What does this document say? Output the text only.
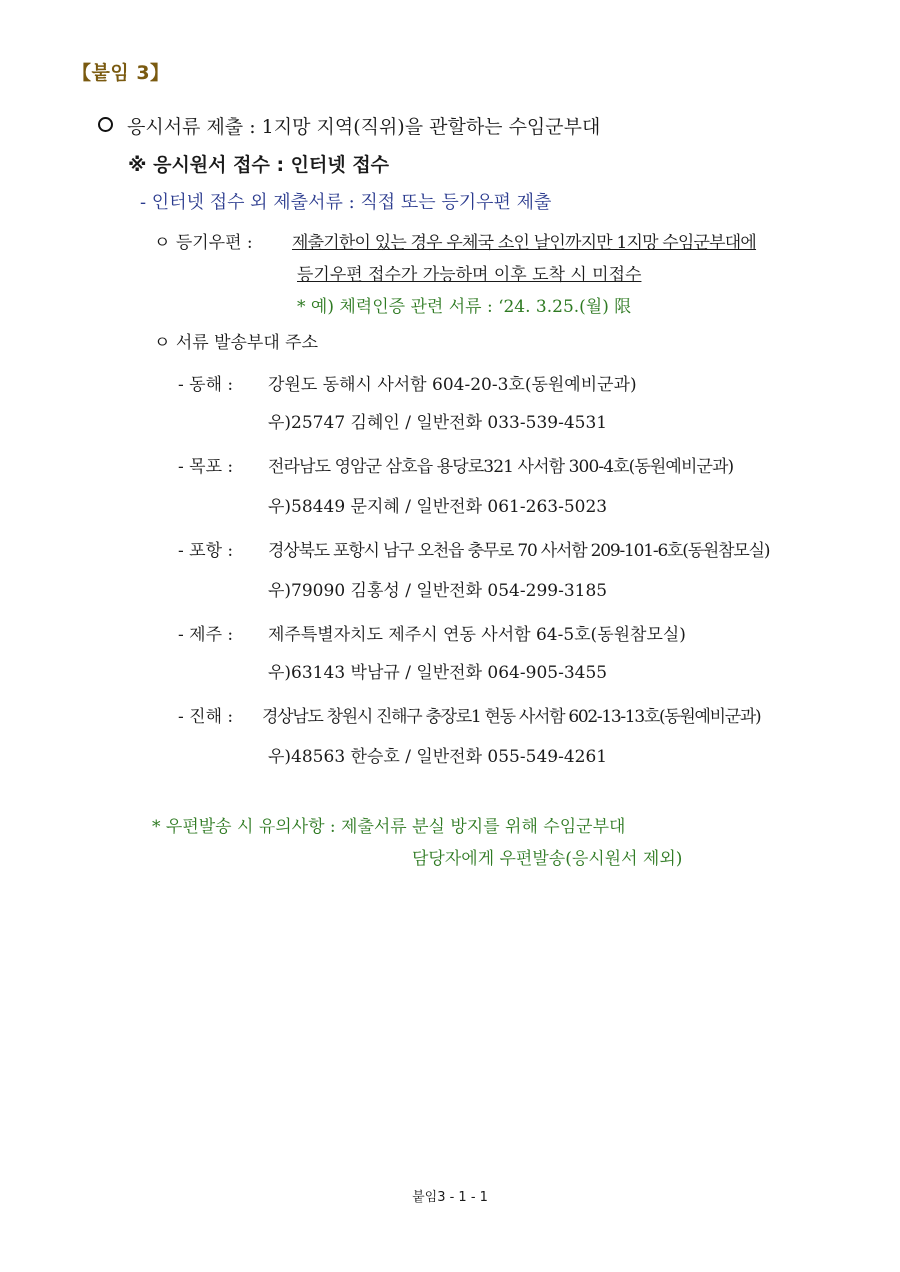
【붙임 3】
응시서류 제출 : 1지망 지역(직위)을 관할하는 수임군부대
※ 응시원서 접수 : 인터넷 접수
- 인터넷 접수 외 제출서류 : 직접 또는 등기우편 제출
ㅇ 등기우편 : 제출기한이 있는 경우 우체국 소인 날인까지만 1지망 수임군부대에
등기우편 접수가 가능하며 이후 도착 시 미접수
* 예) 체력인증 관련 서류 : ‘24. 3.25.(월) 限
ㅇ 서류 발송부대 주소
- 동해 : 강원도 동해시 사서함 604-20-3호(동원예비군과)
우)25747 김혜인 / 일반전화 033-539-4531
- 목포 : 전라남도 영암군 삼호읍 용당로321 사서함 300-4호(동원예비군과)
우)58449 문지혜 / 일반전화 061-263-5023
- 포항 : 경상북도 포항시 남구 오천읍 충무로 70 사서함 209-101-6호(동원참모실)
우)79090 김홍성 / 일반전화 054-299-3185
- 제주 : 제주특별자치도 제주시 연동 사서함 64-5호(동원참모실)
우)63143 박남규 / 일반전화 064-905-3455
- 진해 : 경상남도 창원시 진해구 충장로1 현동 사서함 602-13-13호(동원예비군과)
우)48563 한승호 / 일반전화 055-549-4261
* 우편발송 시 유의사항 : 제출서류 분실 방지를 위해 수임군부대
담당자에게 우편발송(응시원서 제외)
붙임3 - 1 - 1
